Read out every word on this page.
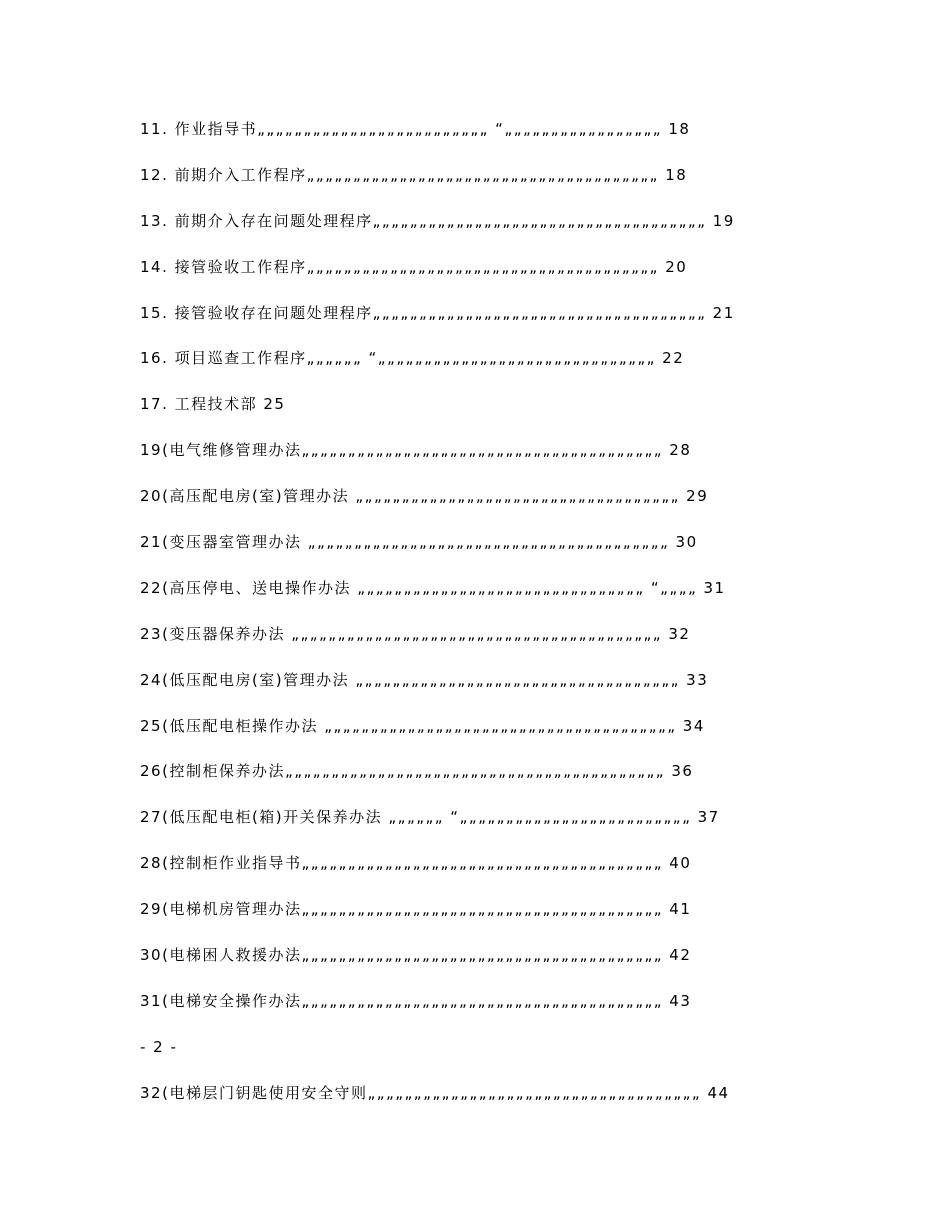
11. 作业指导书„„„„„„„„„„„„„„„„„„„„„„„„„ “„„„„„„„„„„„„„„„„„ 18
12. 前期介入工作程序„„„„„„„„„„„„„„„„„„„„„„„„„„„„„„„„„„„„„„ 18
13. 前期介入存在问题处理程序„„„„„„„„„„„„„„„„„„„„„„„„„„„„„„„„„„„„ 19
14. 接管验收工作程序„„„„„„„„„„„„„„„„„„„„„„„„„„„„„„„„„„„„„„ 20
15. 接管验收存在问题处理程序„„„„„„„„„„„„„„„„„„„„„„„„„„„„„„„„„„„„ 21
16. 项目巡查工作程序„„„„„„ “„„„„„„„„„„„„„„„„„„„„„„„„„„„„„„ 22
17. 工程技术部 25
19(电气维修管理办法„„„„„„„„„„„„„„„„„„„„„„„„„„„„„„„„„„„„„„„ 28
20(高压配电房(室)管理办法 „„„„„„„„„„„„„„„„„„„„„„„„„„„„„„„„„„„ 29
21(变压器室管理办法 „„„„„„„„„„„„„„„„„„„„„„„„„„„„„„„„„„„„„„„ 30
22(高压停电、送电操作办法 „„„„„„„„„„„„„„„„„„„„„„„„„„„„„„„ “„„„„ 31
23(变压器保养办法 „„„„„„„„„„„„„„„„„„„„„„„„„„„„„„„„„„„„„„„„ 32
24(低压配电房(室)管理办法 „„„„„„„„„„„„„„„„„„„„„„„„„„„„„„„„„„„ 33
25(低压配电柜操作办法 „„„„„„„„„„„„„„„„„„„„„„„„„„„„„„„„„„„„„„ 34
26(控制柜保养办法„„„„„„„„„„„„„„„„„„„„„„„„„„„„„„„„„„„„„„„„„ 36
27(低压配电柜(箱)开关保养办法 „„„„„„ “„„„„„„„„„„„„„„„„„„„„„„„„„ 37
28(控制柜作业指导书„„„„„„„„„„„„„„„„„„„„„„„„„„„„„„„„„„„„„„„ 40
29(电梯机房管理办法„„„„„„„„„„„„„„„„„„„„„„„„„„„„„„„„„„„„„„„ 41
30(电梯困人救援办法„„„„„„„„„„„„„„„„„„„„„„„„„„„„„„„„„„„„„„„ 42
31(电梯安全操作办法„„„„„„„„„„„„„„„„„„„„„„„„„„„„„„„„„„„„„„„ 43
- 2 -
32(电梯层门钥匙使用安全守则„„„„„„„„„„„„„„„„„„„„„„„„„„„„„„„„„„„„ 44
